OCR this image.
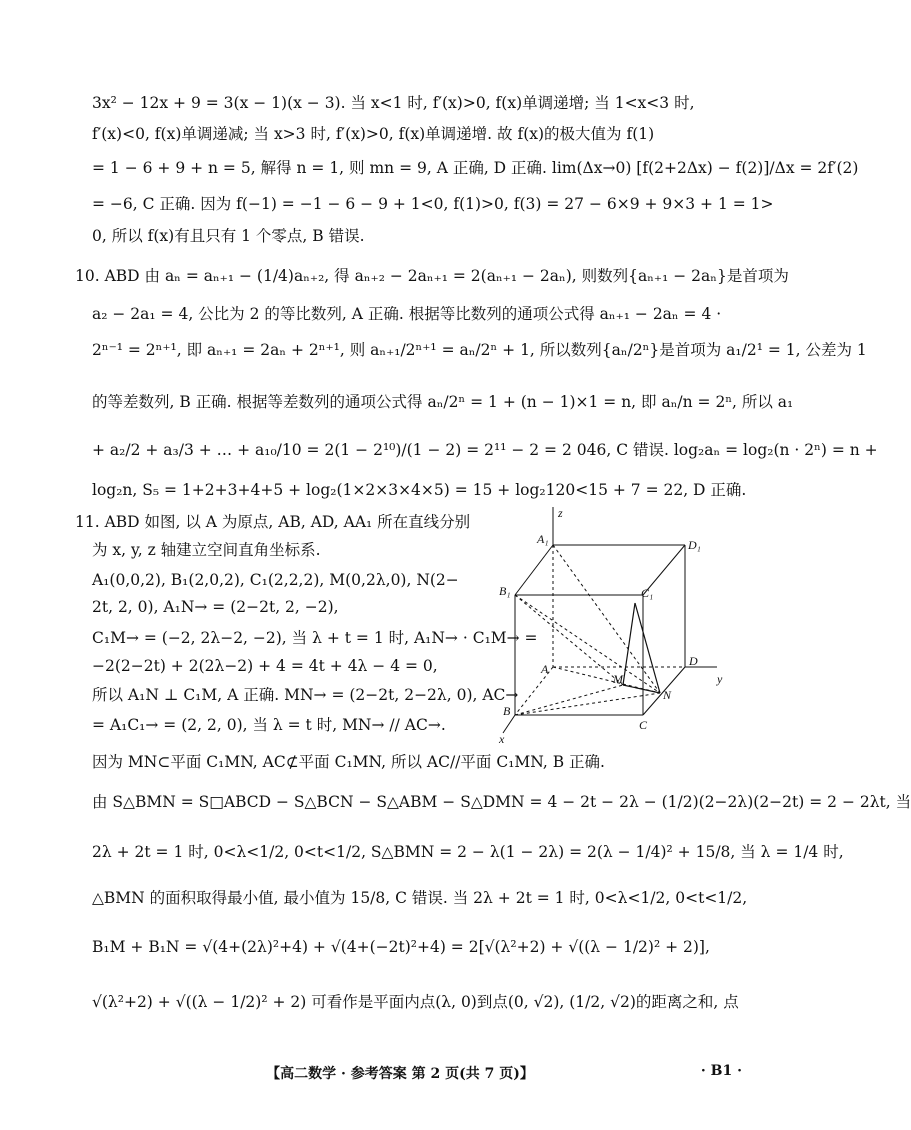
3x² − 12x + 9 = 3(x − 1)(x − 3). 当 x<1 时, f′(x)>0, f(x)单调递增; 当 1<x<3 时,
f′(x)<0, f(x)单调递减; 当 x>3 时, f′(x)>0, f(x)单调递增. 故 f(x)的极大值为 f(1)
= 1 − 6 + 9 + n = 5, 解得 n = 1, 则 mn = 9, A 正确, D 正确. lim(Δx→0) [f(2+2Δx) − f(2)]/Δx = 2f′(2)
= −6, C 正确. 因为 f(−1) = −1 − 6 − 9 + 1<0, f(1)>0, f(3) = 27 − 6×9 + 9×3 + 1 = 1>
0, 所以 f(x)有且只有 1 个零点, B 错误.
10. ABD 由 aₙ = aₙ₊₁ − (1/4)aₙ₊₂, 得 aₙ₊₂ − 2aₙ₊₁ = 2(aₙ₊₁ − 2aₙ), 则数列{aₙ₊₁ − 2aₙ}是首项为
a₂ − 2a₁ = 4, 公比为 2 的等比数列, A 正确. 根据等比数列的通项公式得 aₙ₊₁ − 2aₙ = 4 ·
2ⁿ⁻¹ = 2ⁿ⁺¹, 即 aₙ₊₁ = 2aₙ + 2ⁿ⁺¹, 则 aₙ₊₁/2ⁿ⁺¹ = aₙ/2ⁿ + 1, 所以数列{aₙ/2ⁿ}是首项为 a₁/2¹ = 1, 公差为 1
的等差数列, B 正确. 根据等差数列的通项公式得 aₙ/2ⁿ = 1 + (n − 1)×1 = n, 即 aₙ/n = 2ⁿ, 所以 a₁
+ a₂/2 + a₃/3 + … + a₁₀/10 = 2(1 − 2¹⁰)/(1 − 2) = 2¹¹ − 2 = 2 046, C 错误. log₂aₙ = log₂(n · 2ⁿ) = n +
log₂n, S₅ = 1+2+3+4+5 + log₂(1×2×3×4×5) = 15 + log₂120<15 + 7 = 22, D 正确.
11. ABD 如图, 以 A 为原点, AB, AD, AA₁ 所在直线分别
为 x, y, z 轴建立空间直角坐标系.
A₁(0,0,2), B₁(2,0,2), C₁(2,2,2), M(0,2λ,0), N(2−
2t, 2, 0), A₁N→ = (2−2t, 2, −2),
C₁M→ = (−2, 2λ−2, −2), 当 λ + t = 1 时, A₁N→ · C₁M→ =
−2(2−2t) + 2(2λ−2) + 4 = 4t + 4λ − 4 = 0,
所以 A₁N ⊥ C₁M, A 正确. MN→ = (2−2t, 2−2λ, 0), AC→
= A₁C₁→ = (2, 2, 0), 当 λ = t 时, MN→ // AC→.
因为 MN⊂平面 C₁MN, AC⊄平面 C₁MN, 所以 AC//平面 C₁MN, B 正确.
由 S△BMN = S□ABCD − S△BCN − S△ABM − S△DMN = 4 − 2t − 2λ − (1/2)(2−2λ)(2−2t) = 2 − 2λt, 当
2λ + 2t = 1 时, 0<λ<1/2, 0<t<1/2, S△BMN = 2 − λ(1 − 2λ) = 2(λ − 1/4)² + 15/8, 当 λ = 1/4 时,
△BMN 的面积取得最小值, 最小值为 15/8, C 错误. 当 2λ + 2t = 1 时, 0<λ<1/2, 0<t<1/2,
B₁M + B₁N = √(4+(2λ)²+4) + √(4+(−2t)²+4) = 2[√(λ²+2) + √((λ − 1/2)² + 2)],
√(λ²+2) + √((λ − 1/2)² + 2) 可看作是平面内点(λ, 0)到点(0, √2), (1/2, √2)的距离之和, 点
z
A₁	D₁
B₁	C₁
A
M
D
y
N
B
C
x
【高二数学 · 参考答案 第 2 页(共 7 页)】	· B1 ·
